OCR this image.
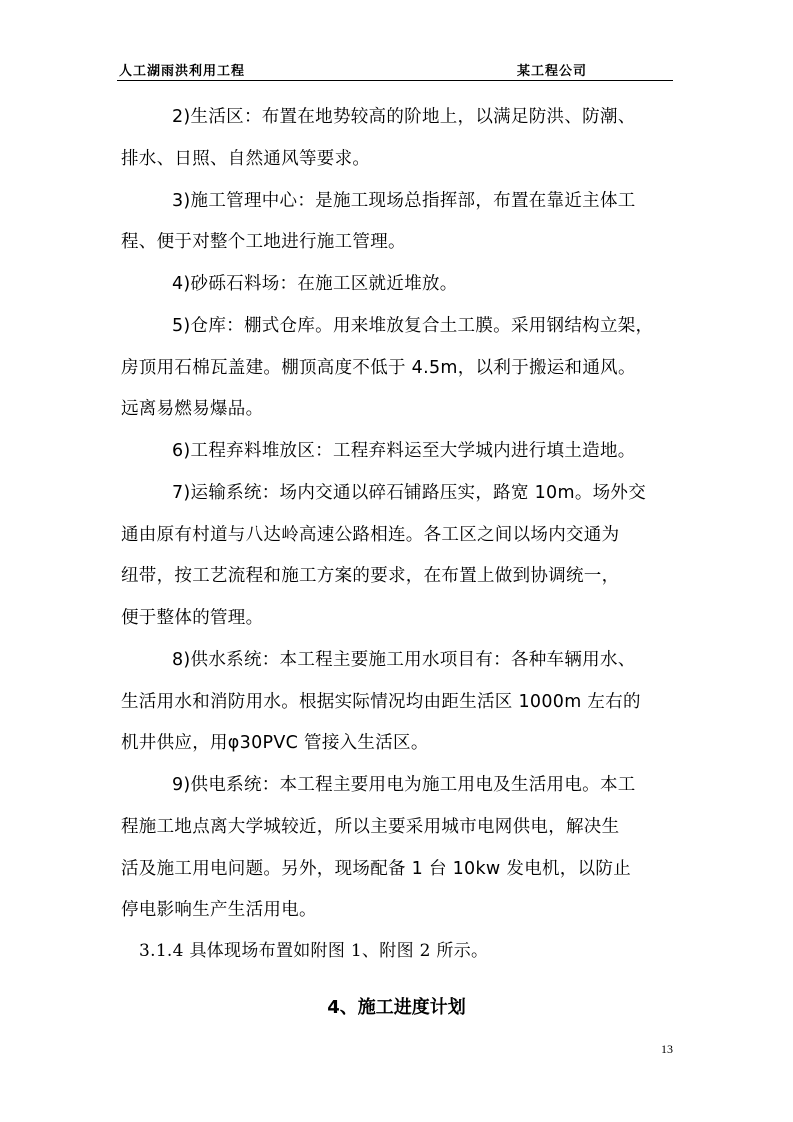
人工湖雨洪利用工程	某工程公司
2)生活区：布置在地势较高的阶地上，以满足防洪、防潮、
排水、日照、自然通风等要求。
3)施工管理中心：是施工现场总指挥部，布置在靠近主体工
程、便于对整个工地进行施工管理。
4)砂砾石料场：在施工区就近堆放。
5)仓库：棚式仓库。用来堆放复合土工膜。采用钢结构立架，
房顶用石棉瓦盖建。棚顶高度不低于 4.5m，以利于搬运和通风。
远离易燃易爆品。
6)工程弃料堆放区：工程弃料运至大学城内进行填土造地。
7)运输系统：场内交通以碎石铺路压实，路宽 10m。场外交
通由原有村道与八达岭高速公路相连。各工区之间以场内交通为
纽带，按工艺流程和施工方案的要求，在布置上做到协调统一，
便于整体的管理。
8)供水系统：本工程主要施工用水项目有：各种车辆用水、
生活用水和消防用水。根据实际情况均由距生活区 1000m 左右的
机井供应，用φ30PVC 管接入生活区。
9)供电系统：本工程主要用电为施工用电及生活用电。本工
程施工地点离大学城较近，所以主要采用城市电网供电，解决生
活及施工用电问题。另外，现场配备 1 台 10kw 发电机，以防止
停电影响生产生活用电。
3.1.4 具体现场布置如附图 1、附图 2 所示。
4、施工进度计划
13
